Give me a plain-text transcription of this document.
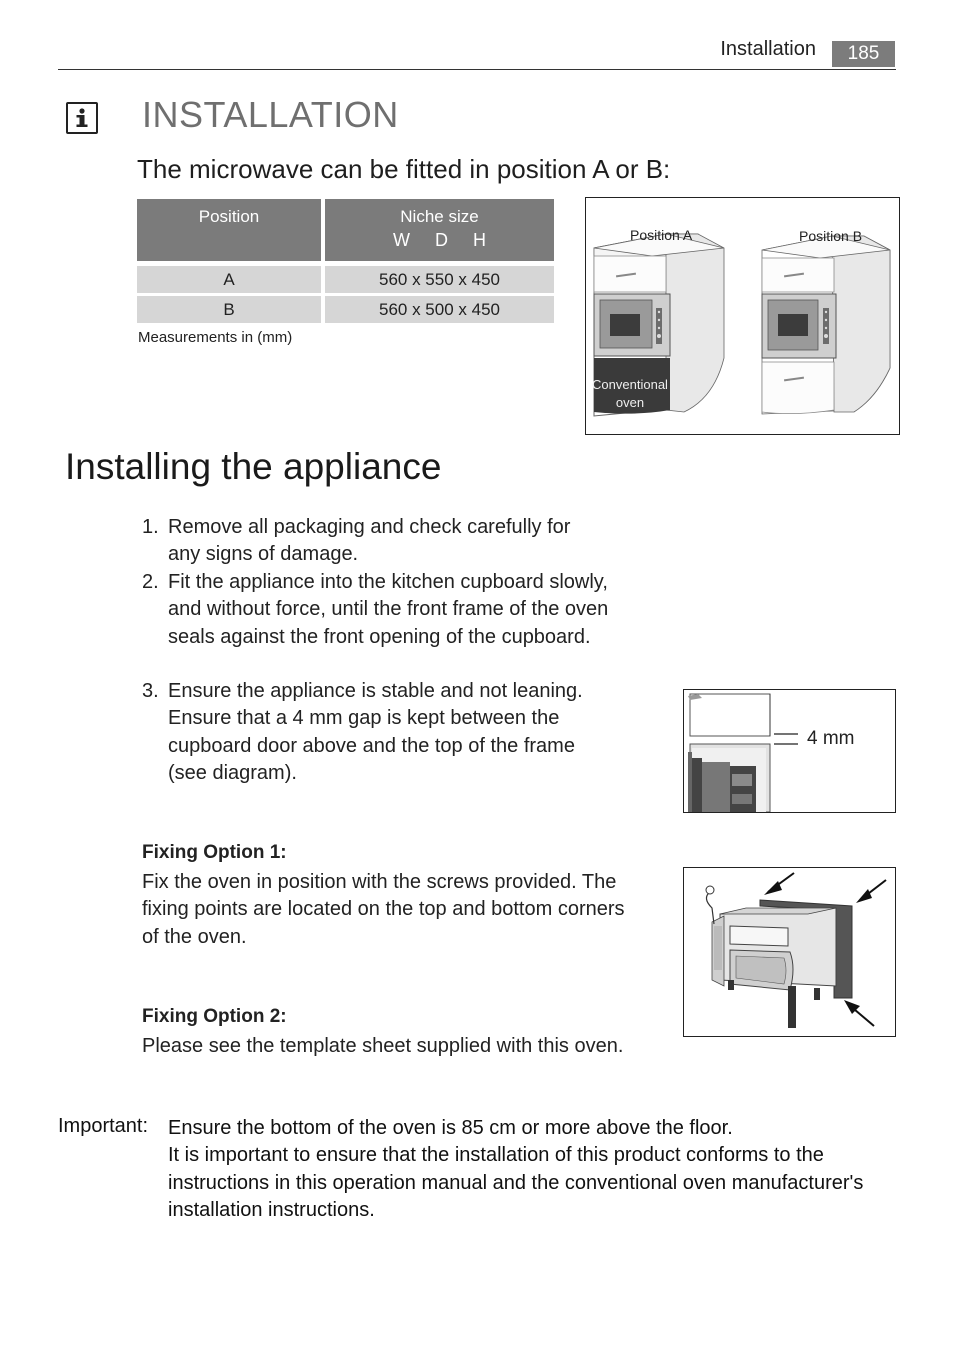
Installation	185
INSTALLATION
The microwave can be fitted in position A or B:
Position	Niche size
W     D     H
A	560 x 550 x 450
B	560 x 500 x 450
Measurements in (mm)
Position A	Position B
Conventional
oven
Installing the appliance
1. Remove all packaging and check carefully for any signs of damage.
2. Fit the appliance into the kitchen cupboard slowly, and without force, until the front frame of the oven seals against the front opening of the cupboard.
3. Ensure the appliance is stable and not leaning. Ensure that a 4 mm gap is kept between the cupboard door above and the top of the frame (see diagram).
4 mm
Fixing Option 1:
Fix the oven in position with the screws provided. The fixing points are located on the top and bottom corners of the oven.
Fixing Option 2:
Please see the template sheet supplied with this oven.
Important: Ensure the bottom of the oven is 85 cm or more above the floor.
It is important to ensure that the installation of this product conforms to the instructions in this operation manual and the conventional oven manufacturer's installation instructions.
